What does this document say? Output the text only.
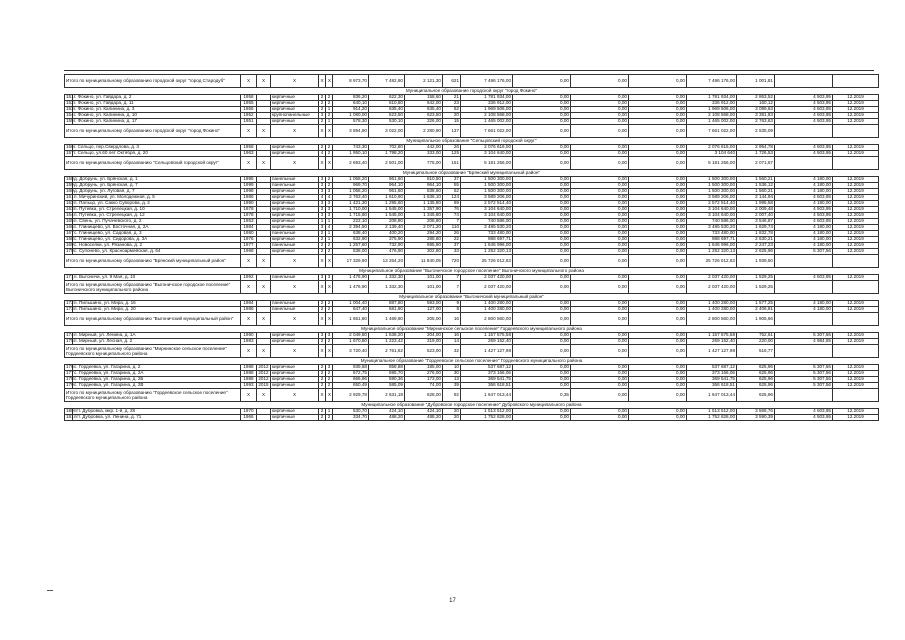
Итого по муниципальному образованию городской округ "город Стародуб"		X	X	X	X	X	8 973,70	7 482,60	2 121,30	621	7 496 176,00	0,00	0,00	0,00	7 496 176,00	1 001,81		
Муниципальное образование городской округ "город Фокино"																		
151	г. Фокино, ул. Гайдара, д. 2	1958		кирпичные	2	2	836,20	622,30	158,60	21	1 781 934,00	0,00	0,00	0,00	1 781 934,00	2 863,52	4 503,95	12.2019
152	г. Фокино, ул. Гайдара, д. 11	1955		кирпичные	2	2	640,10	610,80	642,00	23	336 912,00	0,00	0,00	0,00	336 912,00	160,12	4 503,95	12.2019
153	г. Фокино, ул. Калинина, д. 3	1955		кирпичные	2	1	914,20	635,40	635,40	52	1 969 506,00	0,00	0,00	0,00	1 969 506,00	3 099,63	4 503,95	12.2019
154	г. Фокино, ул. Калинина, д. 10	1952		крупнопанельные	3	2	1 080,00	623,50	623,50	20	2 108 568,00	0,00	0,00	0,00	2 108 568,00	3 381,83	4 503,95	12.2019
155	г. Фокино, ул. Калинина, д. 17	1951		кирпичные	2	1	578,30	530,10	326,00	15	1 465 002,00	0,00	0,00	0,00	1 465 002,00	2 763,63	4 503,95	12.2019
Итого по муниципальному образованию городской округ "город Фокино"		X	X	X	X	X	3 894,90	3 022,00	2 280,90	137	7 661 022,00	0,00	0,00	0,00	7 661 022,00	2 535,09		
Муниципальное образование "Сельцовский городской округ"																		
156	г. Сельцо, пер.Свердлова, д. 3	1958		кирпичные	2	2	743,30	702,80	442,00	26	2 076 616,00	0,00	0,00	0,00	2 076 616,00	2 954,78	4 503,95	12.2019
157	г. Сельцо, ул.60 лет Октября, д. 20	1963		кирпичные	4	2	1 950,10	1 798,20	333,00	125	3 104 640,00	0,00	0,00	0,00	3 104 640	1 726,53	4 503,95	12.2019
Итого по муниципальному образованию "Сельцовский городской округ"		X	X	X	X	X	2 693,40	2 501,00	775,00	151	5 181 256,00	0,00	0,00	0,00	5 181 256,00	2 071,67		
Муниципальное образование "Брянский муниципальный район"																		
158	д. Добрунь, ул. Брянская, д. 1	1995		панельные	3	2	1 058,20	961,60	810,50	37	1 500 300,00	0,00	0,00	0,00	1 500 300,00	1 560,21	4 180,00	12.2019
159	д. Добрунь, ул. Брянская, д. 7	1999		панельные	3	2	969,70	964,10	964,10	55	1 500 300,00	0,00	0,00	0,00	1 500 300,00	1 536,12	4 180,00	12.2019
160	д. Добрунь, ул. Луговая, д. 7	1998		кирпичные	3	3	1 058,20	961,60	838,60	52	1 500 300,00	0,00	0,00	0,00	1 500 300,00	1 560,21	4 180,00	12.2019
161	п. Мичуринский, ул. Молодежная, д. 5	1986		кирпичные	4	4	2 763,40	1 610,60	1 636,10	124	3 589 206,00	0,00	0,00	0,00	3 589 206,00	2 144,94	4 503,95	12.2019
162	п. Пальцо, ул. Сакко Суворова, д. 2	1990		кирпичные	3	3	1 421,30	1 295,60	1 135,80	69	2 572 514,40	0,00	0,00	0,00	2 572 514,40	1 995,58	4 180,00	12.2019
163	п. Путевка, ул. Стрелецкая, д. 10	1978		кирпичные	3	3	1 710,00	1 545,00	1 357,90	76	3 104 640,00	0,00	0,00	0,00	3 104 640,00	2 009,48	4 503,95	12.2019
164	п. Путевка, ул. Стрелецкая, д. 12	1978		кирпичные	3	3	1 715,80	1 545,00	1 345,80	74	3 104 640,00	0,00	0,00	0,00	3 104 640,00	2 007,40	4 503,95	12.2019
165	п. Свень, ул. Пучачевского, д. 2	1953		кирпичные	1	1	222,10	208,80	208,80	7	740 586,00	0,00	0,00	0,00	740 586,00	3 546,87	4 503,95	12.2019
166	с. Глинищево, ул. Восточная, д. 2А	1984		кирпичные	3	4	2 394,50	2 139,40	2 071,20	110	3 485 530,20	0,00	0,00	0,00	3 485 530,20	1 629,74	4 180,00	12.2019
167	с. Глинищево, ул. Садовая, д. 3	1980		панельные	2	1	638,40	400,20	294,20	26	733 480,00	0,00	0,00	0,00	733 480,00	1 832,78	4 180,00	12.2019
168	с. Глинищево, ул. Сидорова, д. 3А	1976		кирпичные	2	1	632,90	375,90	288,80	22	988 697,71	0,00	0,00	0,00	988 697,71	2 630,21	4 180,00	12.2019
169	с. Новоселки, ул. Рязанова, д. 2	1977		панельные	2	2	1 257,60	732,90	695,90	37	1 646 996,00	0,00	0,00	0,00	1 646 996,00	2 247,23	4 180,00	12.2019
170	с. Супонево, ул. Красноармейская, д. 64	1968		кирпичные	2	2	538,00	476,90	302,80	33	1 252 320,13	0,00	0,00	0,00	1 252 320,13	2 625,96	5 307,56	12.2019
Итого по муниципальному образованию "Брянский муниципальный район"		X	X	X	X	X	17 329,90	13 264,20	11 840,05	720	25 726 012,63	0,00	0,00	0,00	25 726 012,63	1 939,50		
Муниципальное образование "Выгоничское городское поселение" Выгоничского муниципального района																		
171	п. Выгоничи, ул. 9 Мая, д. 10	1992		панельные	3	3	1 476,90	1 332,30	101,00	7	2 037 420,00	0,00	0,00	0,00	2 037 420,00	1 529,25	4 503,95	12.2019
Итого по муниципальному образованию "Выгоничское городское поселение" Выгоничского муниципального района		X	X	X	X	X	1 476,90	1 332,30	101,00	7	2 037 420,00	0,00	0,00	0,00	2 037 420,00	1 529,25		
Муниципальное образование "Выгоничский муниципальный район"																		
172	п. Пильшино, ул. Мира, д. 16	1984		панельные	2	2	1 004,40	887,80	593,00	9	1 400 280,00	0,00	0,00	0,00	1 400 280,00	1 577,25	4 180,00	12.2019
173	п. Пильшино, ул. Мира, д. 20	1986		панельные	2	2	647,40	581,80	127,00	8	1 400 280,00	0,00	0,00	0,00	1 400 280,00	2 406,81	4 180,00	12.2019
Итого по муниципальному образованию "Выгоничский муниципальный район"		X	X	X	X	X	1 651,80	1 469,60	205,00	16	2 800 560,00	0,00	0,00	0,00	2 800 560,00	1 905,66		
Муниципальное образование "Мирнинское сельское поселение" Гордеевского муниципального района																		
174	п. Мирный, ул. Ленина, д. 1А	1990		кирпичные	3	3	2 049,80	1 538,20	204,00	16	1 157 575,58	0,00	0,00	0,00	1 157 575,58	752,61	5 307,56	12.2019
175	п. Мирный, ул. Лесная, д. 2	1983		кирпичные	2	2	1 670,80	1 223,42	319,00	14	269 152,40	0,00	0,00	0,00	269 152,40	220,00	4 984,65	12.2019
Итого по муниципальному образованию "Мирнинское сельское поселение" Гордеевского муниципального района		X	X	X	X	X	3 720,40	2 761,62	523,00	32	1 427 127,98	0,00	0,00	0,00	1 427 127,98	516,77		
Муниципальное образование "Гордеевское сельское поселение" Гордеевского муниципального района																		
176	с. Гордеевка, ул. Гагарина, д. 2	1988	2012	кирпичные	2	3	939,58	858,88	185,00	10	537 687,12	0,00	0,00	0,00	537 687,12	625,96	5 307,56	12.2019
177	с. Гордеевка, ул. Гагарина, д. 2А	1988	2012	кирпичные	2	2	672,75	595,70	276,00	30	373 166,06	0,00	0,00	0,00	373 166,06	625,96	5 307,56	12.2019
178	с. Гордеевка, ул. Гагарина, д. 2Б	1988	2012	кирпичные	2	2	666,96	590,36	173,00	13	369 541,75	0,00	0,00	0,00	369 541,75	625,96	5 307,56	12.2019
179	с. Гордеевка, ул. Гагарина, д. 2В	1993	2015	кирпичные	2	2	650,49	585,09	74,00	39	366 618,51	0,00	0,00	0,00	366 618,51	625,96	5 307,56	12.2019
Итого по муниципальному образованию "Гордеевское сельское поселение" Гордеевского муниципального района		X	X	X	X	X	2 929,78	2 631,18	628,00	92	1 647 013,44	0,35	0,00	0,00	1 647 013,44	625,96		
Муниципальное образование "Дубровское городское поселение" Дубровского муниципального района																		
180	пгт. Дубровка, мкр. 1-й, д. 28	1970		кирпичные	2	1	530,70	424,10	424,10	20	1 513 512,00	0,00	0,00	0,00	1 513 512,00	3 568,76	4 503,95	12.2019
181	пгт. Дубровка, ул. Ленина, д. 71	1966		кирпичные	2	2	334,70	488,20	488,20	20	1 752 828,00	0,00	0,00	0,00	1 752 828,00	3 590,39	4 503,95	12.2019
17
